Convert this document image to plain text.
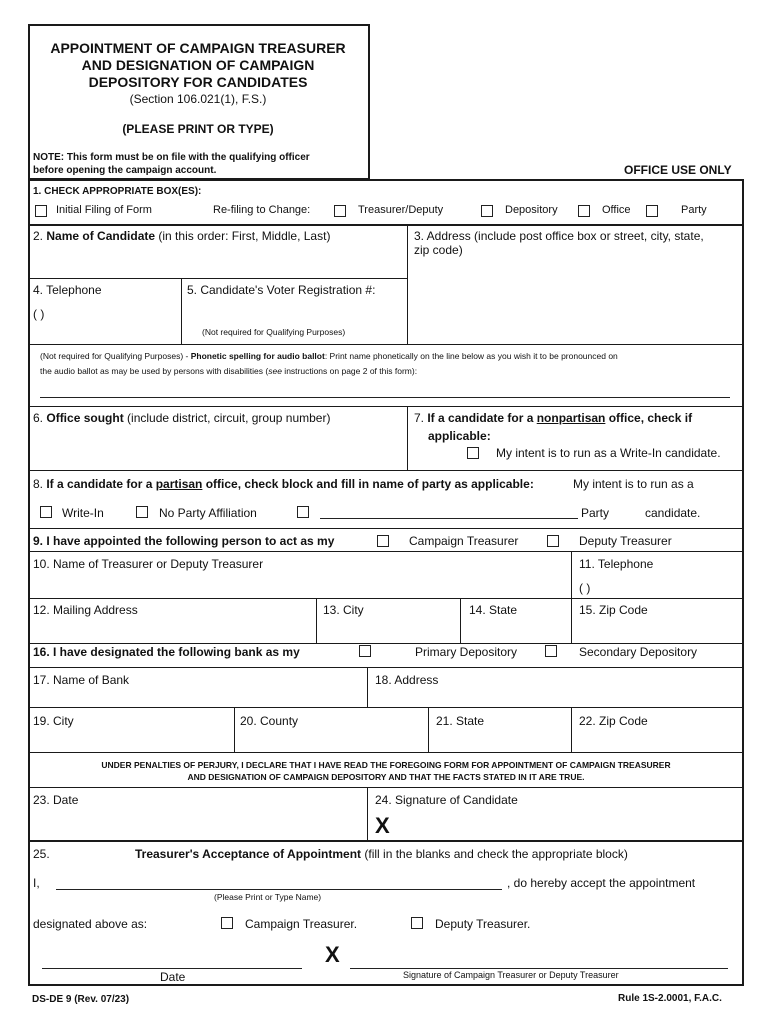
APPOINTMENT OF CAMPAIGN TREASURER
AND DESIGNATION OF CAMPAIGN
DEPOSITORY FOR CANDIDATES
(Section 106.021(1), F.S.)
(PLEASE PRINT OR TYPE)
NOTE: This form must be on file with the qualifying officer
before opening the campaign account.	OFFICE USE ONLY
1. CHECK APPROPRIATE BOX(ES):
Initial Filing of Form	Re-filing to Change:	Treasurer/Deputy	Depository	Office	Party
2. Name of Candidate (in this order: First, Middle, Last)	3. Address (include post office box or street, city, state,
zip code)
4. Telephone
( )
5. Candidate's Voter Registration #:
(Not required for Qualifying Purposes)
(Not required for Qualifying Purposes) - Phonetic spelling for audio ballot: Print name phonetically on the line below as you wish it to be pronounced on
the audio ballot as may be used by persons with disabilities (see instructions on page 2 of this form):
6. Office sought (include district, circuit, group number)	7. If a candidate for a nonpartisan office, check if
applicable:
My intent is to run as a Write-In candidate.
8. If a candidate for a partisan office, check block and fill in name of party as applicable:	My intent is to run as a
Write-In	No Party Affiliation	Party	candidate.
9. I have appointed the following person to act as my	Campaign Treasurer	Deputy Treasurer
10. Name of Treasurer or Deputy Treasurer	11. Telephone
( )
12. Mailing Address	13. City	14. State	15. Zip Code
16. I have designated the following bank as my	Primary Depository	Secondary Depository
17. Name of Bank	18. Address
19. City	20. County	21. State	22. Zip Code
UNDER PENALTIES OF PERJURY, I DECLARE THAT I HAVE READ THE FOREGOING FORM FOR APPOINTMENT OF CAMPAIGN TREASURER
AND DESIGNATION OF CAMPAIGN DEPOSITORY AND THAT THE FACTS STATED IN IT ARE TRUE.
23. Date	24. Signature of Candidate
X
25.	Treasurer's Acceptance of Appointment (fill in the blanks and check the appropriate block)
I,	, do hereby accept the appointment
(Please Print or Type Name)
designated above as:	Campaign Treasurer.	Deputy Treasurer.
X
Date	Signature of Campaign Treasurer or Deputy Treasurer
DS-DE 9 (Rev. 07/23)	Rule 1S-2.0001, F.A.C.
